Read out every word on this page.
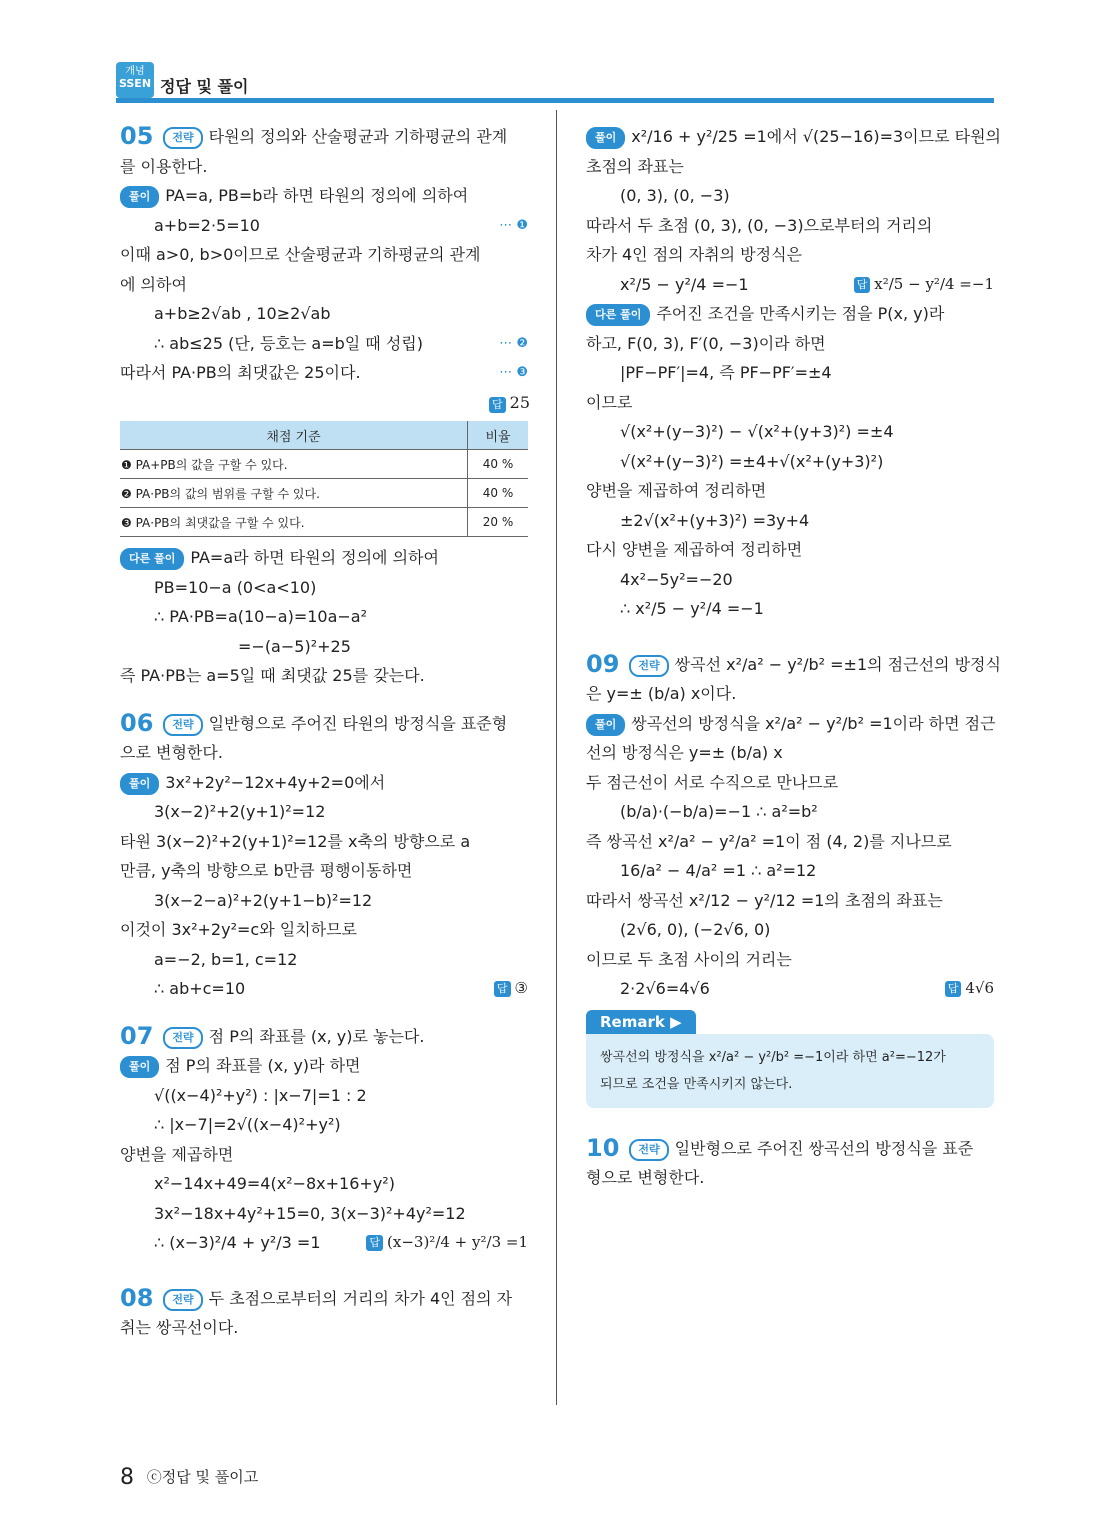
개념
SSEN 정답 및 풀이
05 전략 타원의 정의와 산술평균과 기하평균의 관계
를 이용한다.
풀이 PA=a, PB=b라 하면 타원의 정의에 의하여
a+b=2·5=10	⋯ ❶
이때 a>0, b>0이므로 산술평균과 기하평균의 관계
에 의하여
a+b≥2√ab , 10≥2√ab
∴ ab≤25 (단, 등호는 a=b일 때 성립)	⋯ ❷
따라서 PA·PB의 최댓값은 25이다.	⋯ ❸
답 25
채점 기준	비율
❶ PA+PB의 값을 구할 수 있다.	40 %
❷ PA·PB의 값의 범위를 구할 수 있다.	40 %
❸ PA·PB의 최댓값을 구할 수 있다.	20 %
다른 풀이 PA=a라 하면 타원의 정의에 의하여
PB=10−a (0<a<10)
∴ PA·PB=a(10−a)=10a−a²
=−(a−5)²+25
즉 PA·PB는 a=5일 때 최댓값 25를 갖는다.
06 전략 일반형으로 주어진 타원의 방정식을 표준형
으로 변형한다.
풀이 3x²+2y²−12x+4y+2=0에서
3(x−2)²+2(y+1)²=12
타원 3(x−2)²+2(y+1)²=12를 x축의 방향으로 a
만큼, y축의 방향으로 b만큼 평행이동하면
3(x−2−a)²+2(y+1−b)²=12
이것이 3x²+2y²=c와 일치하므로
a=−2, b=1, c=12
∴ ab+c=10	답 ③
07 전략 점 P의 좌표를 (x, y)로 놓는다.
풀이 점 P의 좌표를 (x, y)라 하면
√((x−4)²+y²) : |x−7|=1 : 2
∴ |x−7|=2√((x−4)²+y²)
양변을 제곱하면
x²−14x+49=4(x²−8x+16+y²)
3x²−18x+4y²+15=0, 3(x−3)²+4y²=12
∴ (x−3)²/4 + y²/3 =1	답 (x−3)²/4 + y²/3 =1
08 전략 두 초점으로부터의 거리의 차가 4인 점의 자
취는 쌍곡선이다.
풀이 x²/16 + y²/25 =1에서 √(25−16)=3이므로 타원의
초점의 좌표는
(0, 3), (0, −3)
따라서 두 초점 (0, 3), (0, −3)으로부터의 거리의
차가 4인 점의 자취의 방정식은
x²/5 − y²/4 =−1	답 x²/5 − y²/4 =−1
다른 풀이 주어진 조건을 만족시키는 점을 P(x, y)라
하고, F(0, 3), F′(0, −3)이라 하면
|PF−PF′|=4, 즉 PF−PF′=±4
이므로
√(x²+(y−3)²) − √(x²+(y+3)²) =±4
√(x²+(y−3)²) =±4+√(x²+(y+3)²)
양변을 제곱하여 정리하면
±2√(x²+(y+3)²) =3y+4
다시 양변을 제곱하여 정리하면
4x²−5y²=−20
∴ x²/5 − y²/4 =−1
09 전략 쌍곡선 x²/a² − y²/b² =±1의 점근선의 방정식
은 y=± (b/a) x이다.
풀이 쌍곡선의 방정식을 x²/a² − y²/b² =1이라 하면 점근
선의 방정식은 y=± (b/a) x
두 점근선이 서로 수직으로 만나므로
(b/a)·(−b/a)=−1 ∴ a²=b²
즉 쌍곡선 x²/a² − y²/a² =1이 점 (4, 2)를 지나므로
16/a² − 4/a² =1 ∴ a²=12
따라서 쌍곡선 x²/12 − y²/12 =1의 초점의 좌표는
(2√6, 0), (−2√6, 0)
이므로 두 초점 사이의 거리는
2·2√6=4√6	답 4√6
Remark ▶
쌍곡선의 방정식을 x²/a² − y²/b² =−1이라 하면 a²=−12가
되므로 조건을 만족시키지 않는다.
10 전략 일반형으로 주어진 쌍곡선의 방정식을 표준
형으로 변형한다.
8 ⓒ정답 및 풀이고
